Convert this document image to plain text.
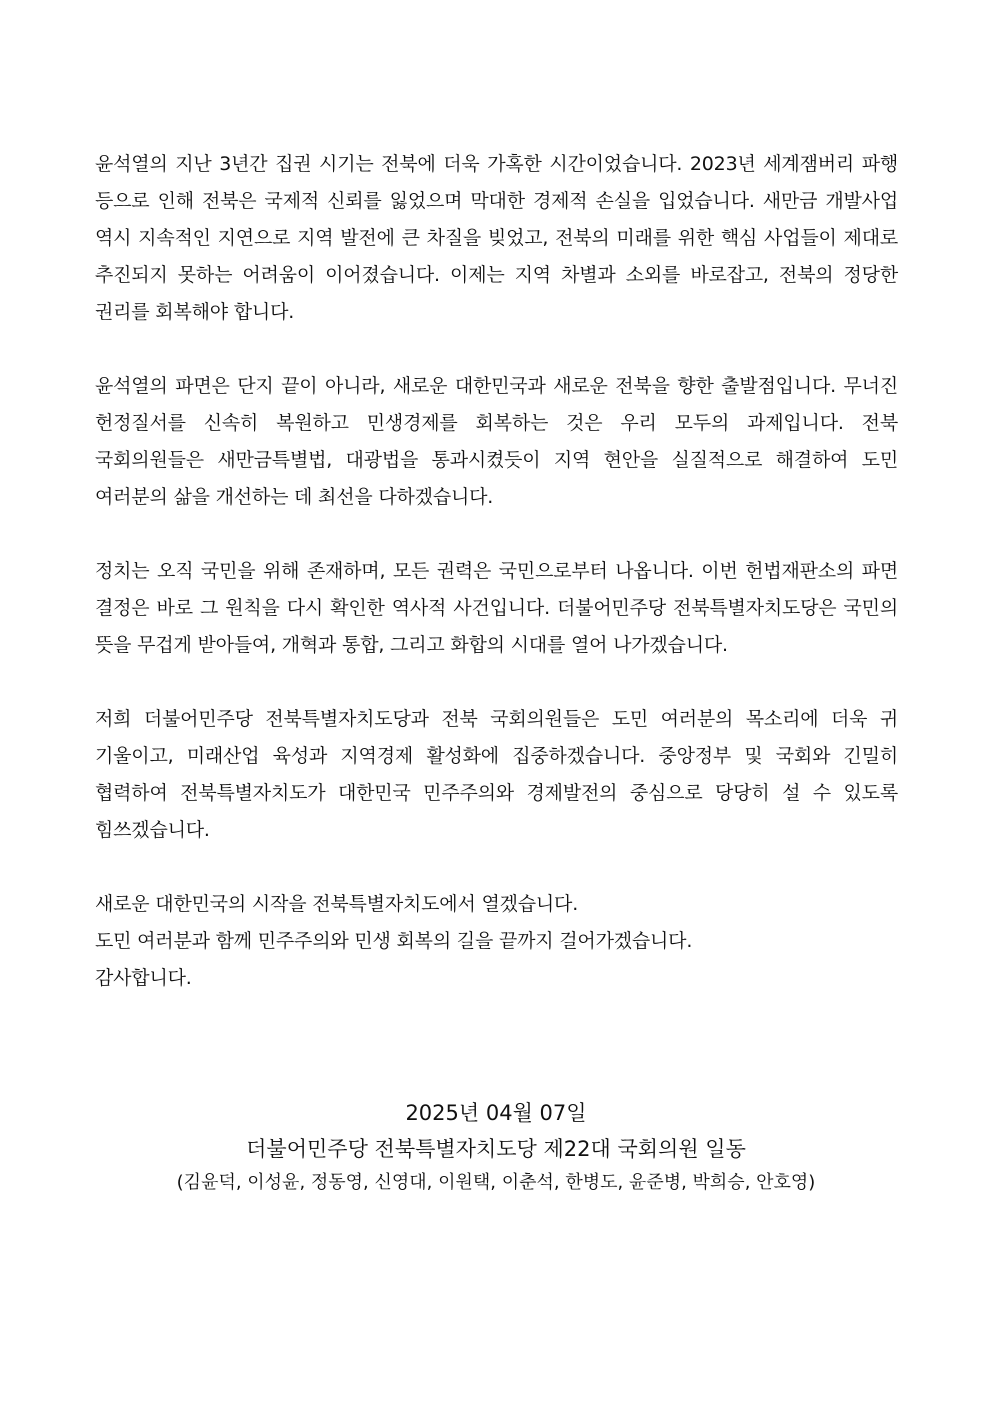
윤석열의 지난 3년간 집권 시기는 전북에 더욱 가혹한 시간이었습니다. 2023년 세계잼버리 파행 등으로 인해 전북은 국제적 신뢰를 잃었으며 막대한 경제적 손실을 입었습니다. 새만금 개발사업 역시 지속적인 지연으로 지역 발전에 큰 차질을 빚었고, 전북의 미래를 위한 핵심 사업들이 제대로 추진되지 못하는 어려움이 이어졌습니다. 이제는 지역 차별과 소외를 바로잡고, 전북의 정당한 권리를 회복해야 합니다.

윤석열의 파면은 단지 끝이 아니라, 새로운 대한민국과 새로운 전북을 향한 출발점입니다. 무너진 헌정질서를 신속히 복원하고 민생경제를 회복하는 것은 우리 모두의 과제입니다. 전북 국회의원들은 새만금특별법, 대광법을 통과시켰듯이 지역 현안을 실질적으로 해결하여 도민 여러분의 삶을 개선하는 데 최선을 다하겠습니다.

정치는 오직 국민을 위해 존재하며, 모든 권력은 국민으로부터 나옵니다. 이번 헌법재판소의 파면 결정은 바로 그 원칙을 다시 확인한 역사적 사건입니다. 더불어민주당 전북특별자치도당은 국민의 뜻을 무겁게 받아들여, 개혁과 통합, 그리고 화합의 시대를 열어 나가겠습니다.

저희 더불어민주당 전북특별자치도당과 전북 국회의원들은 도민 여러분의 목소리에 더욱 귀 기울이고, 미래산업 육성과 지역경제 활성화에 집중하겠습니다. 중앙정부 및 국회와 긴밀히 협력하여 전북특별자치도가 대한민국 민주주의와 경제발전의 중심으로 당당히 설 수 있도록 힘쓰겠습니다.

새로운 대한민국의 시작을 전북특별자치도에서 열겠습니다.
도민 여러분과 함께 민주주의와 민생 회복의 길을 끝까지 걸어가겠습니다.
감사합니다.
2025년 04월 07일
더불어민주당 전북특별자치도당 제22대 국회의원 일동
(김윤덕, 이성윤, 정동영, 신영대, 이원택, 이춘석, 한병도, 윤준병, 박희승, 안호영)
